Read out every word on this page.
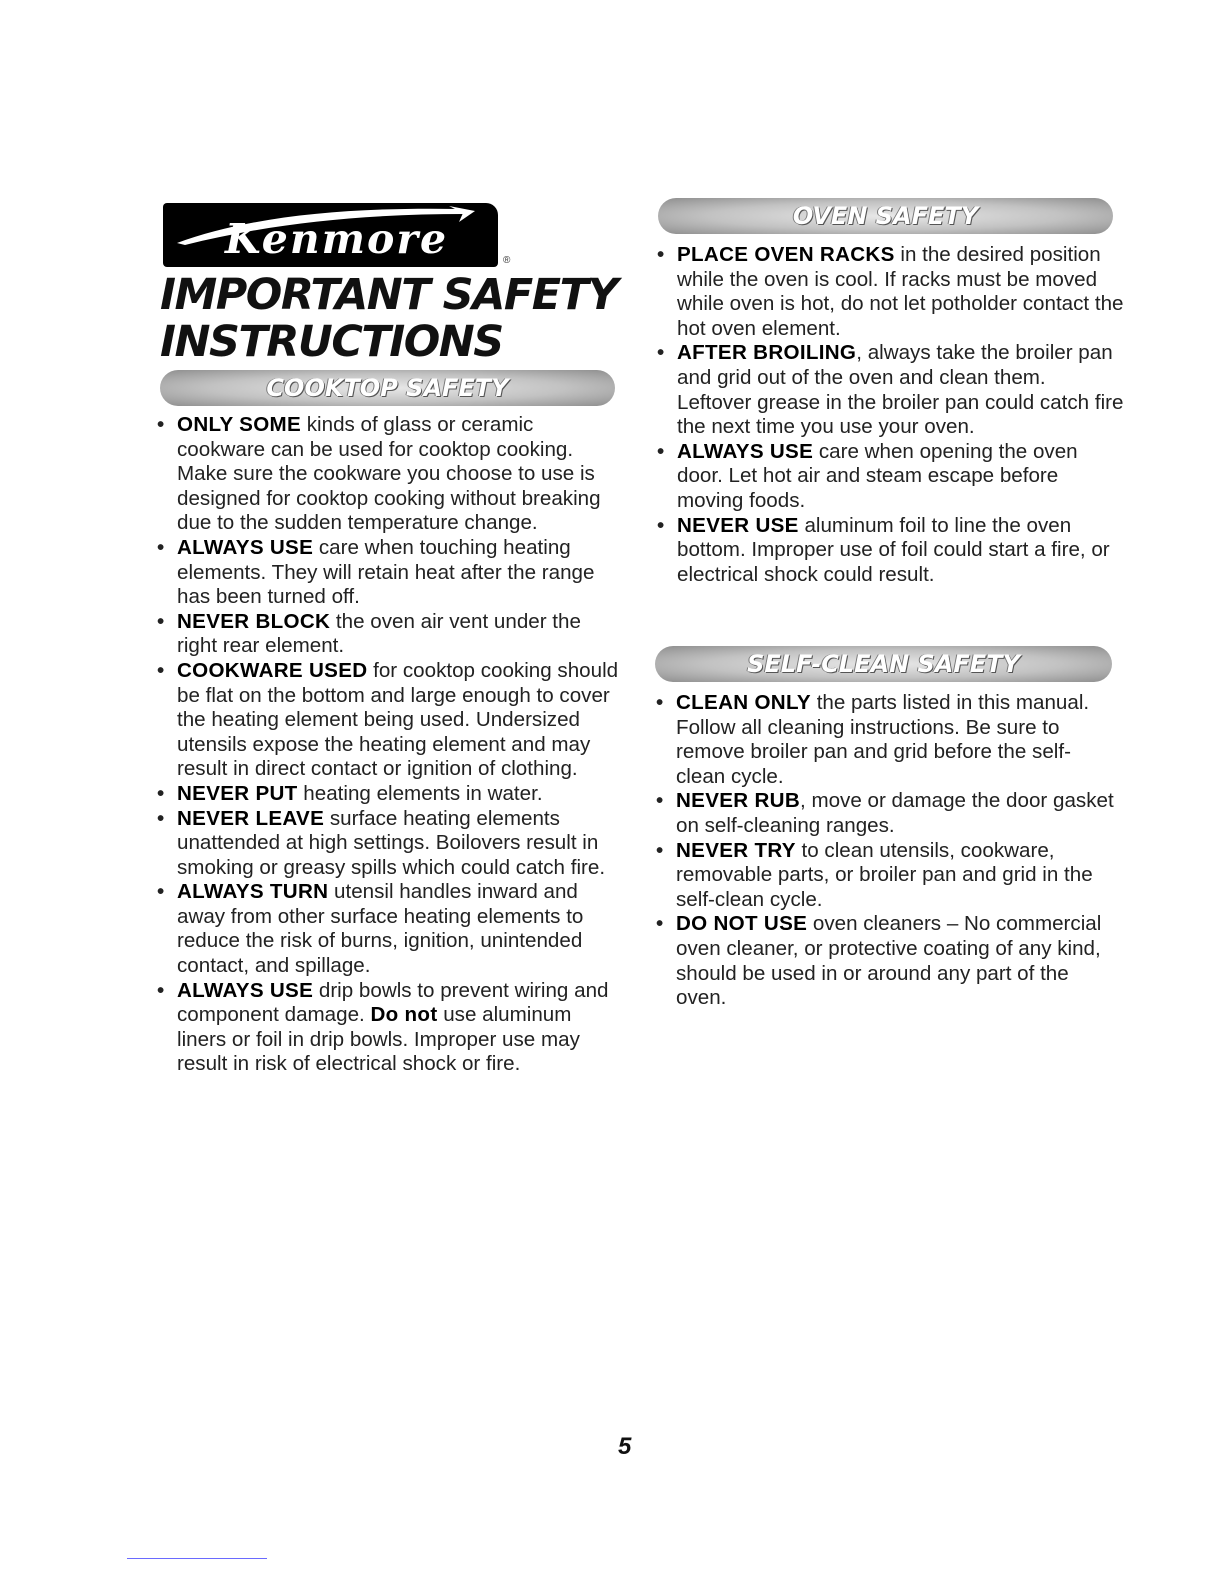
Kenmore	®
IMPORTANT SAFETY
INSTRUCTIONS
COOKTOP SAFETY
• ONLY SOME kinds of glass or ceramic cookware can be used for cooktop cooking. Make sure the cookware you choose to use is designed for cooktop cooking without breaking due to the sudden temperature change.
• ALWAYS USE care when touching heating elements. They will retain heat after the range has been turned off.
• NEVER BLOCK the oven air vent under the right rear element.
• COOKWARE USED for cooktop cooking should be flat on the bottom and large enough to cover the heating element being used. Undersized utensils expose the heating element and may result in direct contact or ignition of clothing.
• NEVER PUT heating elements in water.
• NEVER LEAVE surface heating elements unattended at high settings. Boilovers result in smoking or greasy spills which could catch fire.
• ALWAYS TURN utensil handles inward and away from other surface heating elements to reduce the risk of burns, ignition, unintended contact, and spillage.
• ALWAYS USE drip bowls to prevent wiring and component damage. Do not use aluminum liners or foil in drip bowls. Improper use may result in risk of electrical shock or fire.
OVEN SAFETY
• PLACE OVEN RACKS in the desired position while the oven is cool. If racks must be moved while oven is hot, do not let potholder contact the hot oven element.
• AFTER BROILING, always take the broiler pan and grid out of the oven and clean them. Leftover grease in the broiler pan could catch fire the next time you use your oven.
• ALWAYS USE care when opening the oven door. Let hot air and steam escape before moving foods.
• NEVER USE aluminum foil to line the oven bottom. Improper use of foil could start a fire, or electrical shock could result.
SELF-CLEAN SAFETY
• CLEAN ONLY the parts listed in this manual. Follow all cleaning instructions. Be sure to remove broiler pan and grid before the self-clean cycle.
• NEVER RUB, move or damage the door gasket on self-cleaning ranges.
• NEVER TRY to clean utensils, cookware, removable parts, or broiler pan and grid in the self-clean cycle.
• DO NOT USE oven cleaners – No commercial oven cleaner, or protective coating of any kind, should be used in or around any part of the oven.
5
